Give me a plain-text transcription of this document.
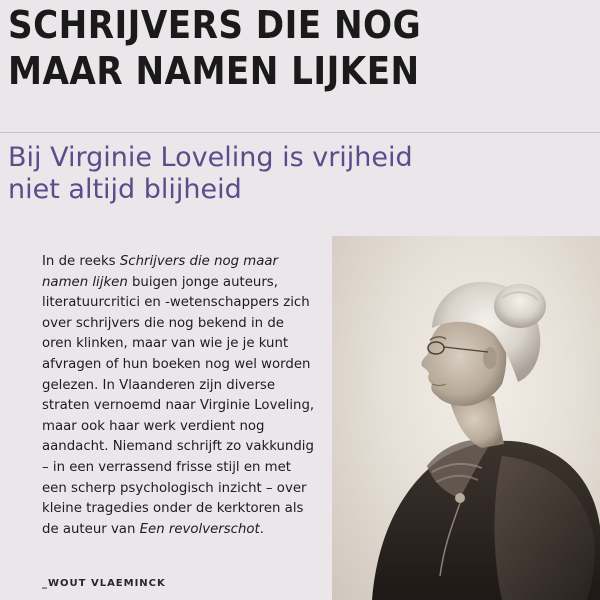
SCHRIJVERS DIE NOG
MAAR NAMEN LIJKEN
Bij Virginie Loveling is vrijheid
niet altijd blijheid
In de reeks Schrijvers die nog maar
namen lijken buigen jonge auteurs,
literatuurcritici en -wetenschappers zich
over schrijvers die nog bekend in de
oren klinken, maar van wie je je kunt
afvragen of hun boeken nog wel worden
gelezen. In Vlaanderen zijn diverse
straten vernoemd naar Virginie Loveling,
maar ook haar werk verdient nog
aandacht. Niemand schrijft zo vakkundig
– in een verrassend frisse stijl en met
een scherp psychologisch inzicht – over
kleine tragedies onder de kerktoren als
de auteur van Een revolverschot.
_WOUT VLAEMINCK
